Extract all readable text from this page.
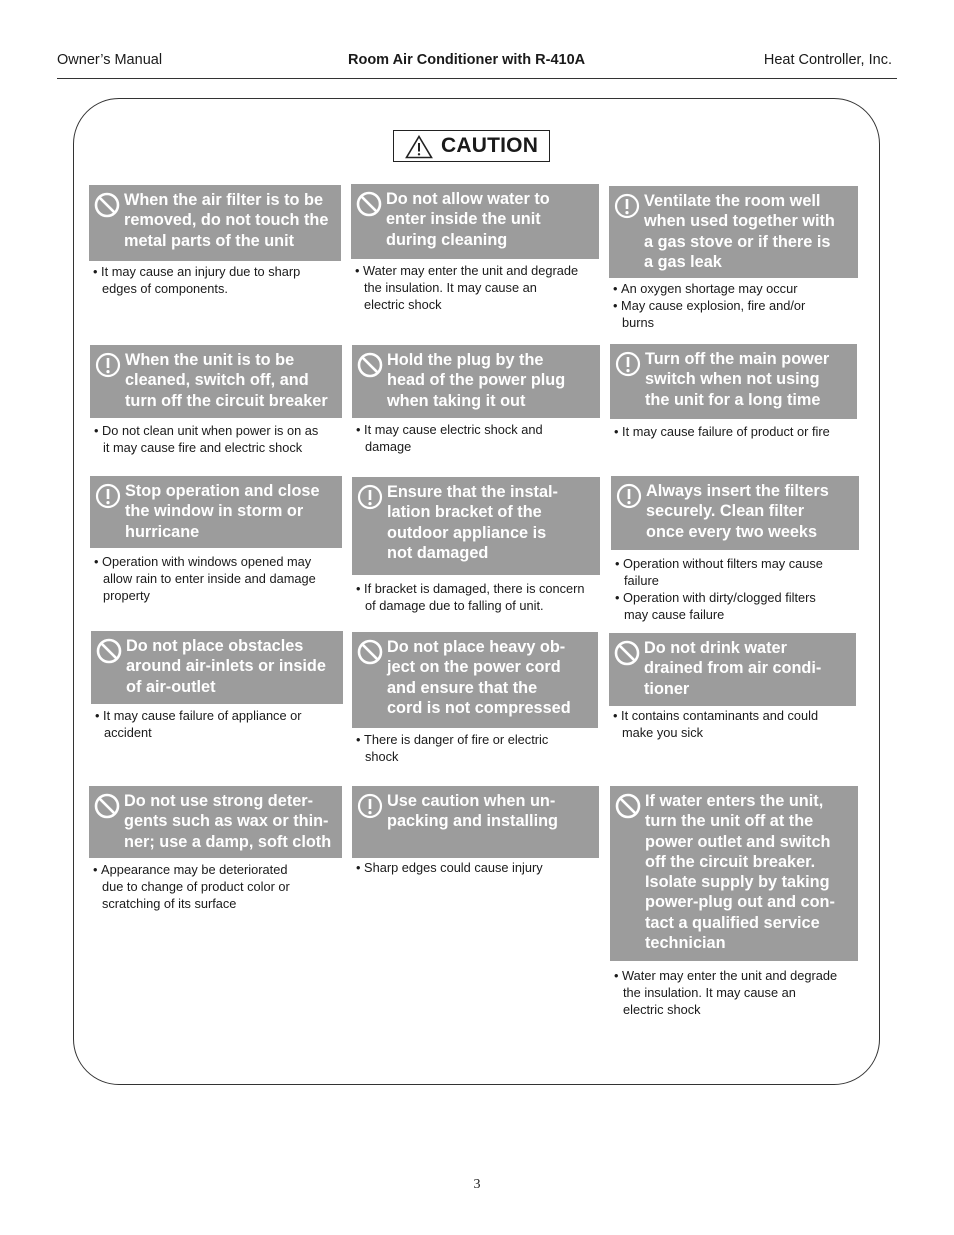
Owner’s Manual	Room Air Conditioner with R-410A	Heat Controller, Inc.
CAUTION
When the air filter is to be
removed, do not touch the
metal parts of the unit
• It may cause an injury due to sharp
edges of components.
Do not allow water to
enter inside the unit
during cleaning
• Water may enter the unit and degrade
the insulation. It may cause an
electric shock
Ventilate the room well
when used together with
a gas stove or if there is
a gas leak
• An oxygen shortage may occur
• May cause explosion, fire and/or
burns
When the unit is to be
cleaned, switch off, and
turn off the circuit breaker
• Do not clean unit when power is on as
it may cause fire and electric shock
Hold the plug by the
head of the power plug
when taking it out
• It may cause electric shock and
damage
Turn off the main power
switch when not using
the unit for a long time
• It may cause failure of product or fire
Stop operation and close
the window in storm or
hurricane
• Operation with windows opened may
allow rain to enter inside and damage
property
Ensure that the instal-
lation bracket of the
outdoor appliance is
not damaged
• If bracket is damaged, there is concern
of damage due to falling of unit.
Always insert the filters
securely. Clean filter
once every two weeks
• Operation without filters may cause
failure
• Operation with dirty/clogged filters
may cause failure
Do not place obstacles
around air-inlets or inside
of air-outlet
• It may cause failure of appliance or
accident
Do not place heavy ob-
ject on the power cord
and ensure that the
cord is not compressed
• There is danger of fire or electric
shock
Do not drink water
drained from air condi-
tioner
• It contains contaminants and could
make you sick
Do not use strong deter-
gents such as wax or thin-
ner; use a damp, soft cloth
• Appearance may be deteriorated
due to change of product color or
scratching of its surface
Use caution when un-
packing and installing
• Sharp edges could cause injury
If water enters the unit,
turn the unit off at the
power outlet and switch
off the circuit breaker.
Isolate supply by taking
power-plug out and con-
tact a qualified service
technician
• Water may enter the unit and degrade
the insulation. It may cause an
electric shock
3
